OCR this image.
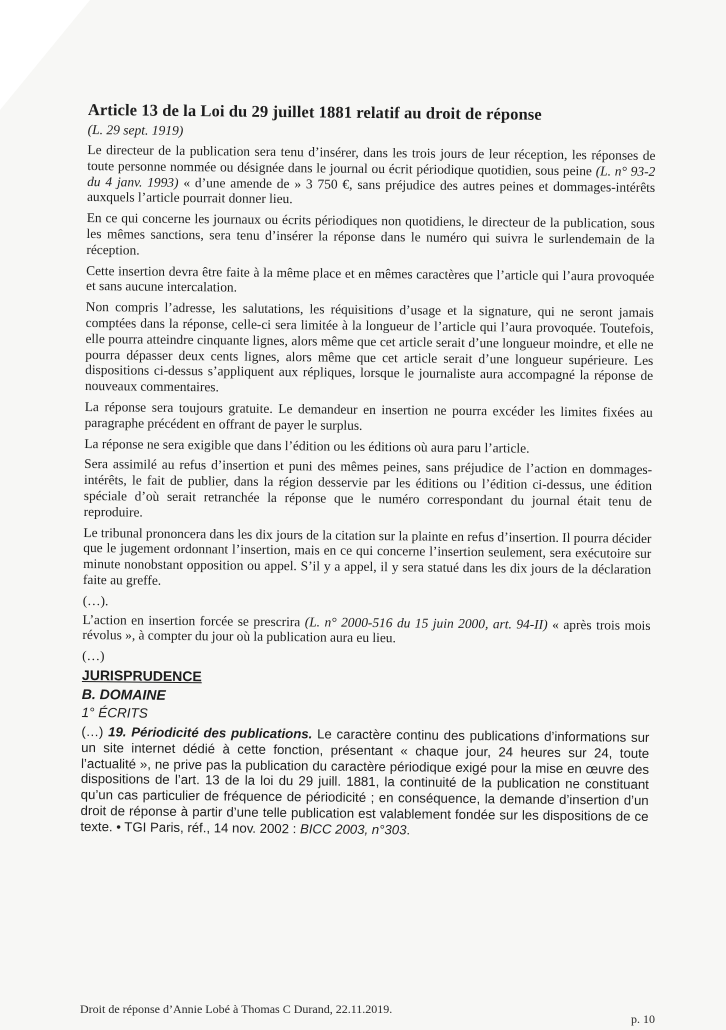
Article 13 de la Loi du 29 juillet 1881 relatif au droit de réponse
(L. 29 sept. 1919)

Le directeur de la publication sera tenu d’insérer, dans les trois jours de leur réception, les réponses de toute personne nommée ou désignée dans le journal ou écrit périodique quotidien, sous peine (L. n° 93-2 du 4 janv. 1993) « d’une amende de » 3 750 €, sans préjudice des autres peines et dommages-intérêts auxquels l’article pourrait donner lieu.

En ce qui concerne les journaux ou écrits périodiques non quotidiens, le directeur de la publication, sous les mêmes sanctions, sera tenu d’insérer la réponse dans le numéro qui suivra le surlendemain de la réception.

Cette insertion devra être faite à la même place et en mêmes caractères que l’article qui l’aura provoquée et sans aucune intercalation.

Non compris l’adresse, les salutations, les réquisitions d’usage et la signature, qui ne seront jamais comptées dans la réponse, celle-ci sera limitée à la longueur de l’article qui l’aura provoquée. Toutefois, elle pourra atteindre cinquante lignes, alors même que cet article serait d’une longueur moindre, et elle ne pourra dépasser deux cents lignes, alors même que cet article serait d’une longueur supérieure. Les dispositions ci-dessus s’appliquent aux répliques, lorsque le journaliste aura accompagné la réponse de nouveaux commentaires.

La réponse sera toujours gratuite. Le demandeur en insertion ne pourra excéder les limites fixées au paragraphe précédent en offrant de payer le surplus.

La réponse ne sera exigible que dans l’édition ou les éditions où aura paru l’article.

Sera assimilé au refus d’insertion et puni des mêmes peines, sans préjudice de l’action en dommages-intérêts, le fait de publier, dans la région desservie par les éditions ou l’édition ci-dessus, une édition spéciale d’où serait retranchée la réponse que le numéro correspondant du journal était tenu de reproduire.

Le tribunal prononcera dans les dix jours de la citation sur la plainte en refus d’insertion. Il pourra décider que le jugement ordonnant l’insertion, mais en ce qui concerne l’insertion seulement, sera exécutoire sur minute nonobstant opposition ou appel. S’il y a appel, il y sera statué dans les dix jours de la déclaration faite au greffe.

(…).

L’action en insertion forcée se prescrira (L. n° 2000-516 du 15 juin 2000, art. 94-II) « après trois mois révolus », à compter du jour où la publication aura eu lieu.

(…)
JURISPRUDENCE
B. DOMAINE
1° ÉCRITS

(…) 19. Périodicité des publications. Le caractère continu des publications d’informations sur un site internet dédié à cette fonction, présentant « chaque jour, 24 heures sur 24, toute l’actualité », ne prive pas la publication du caractère périodique exigé pour la mise en œuvre des dispositions de l’art. 13 de la loi du 29 juill. 1881, la continuité de la publication ne constituant qu’un cas particulier de fréquence de périodicité ; en conséquence, la demande d’insertion d’un droit de réponse à partir d’une telle publication est valablement fondée sur les dispositions de ce texte. • TGI Paris, réf., 14 nov. 2002 : BICC 2003, n°303.

Droit de réponse d’Annie Lobé à Thomas C Durand, 22.11.2019.
p. 10
